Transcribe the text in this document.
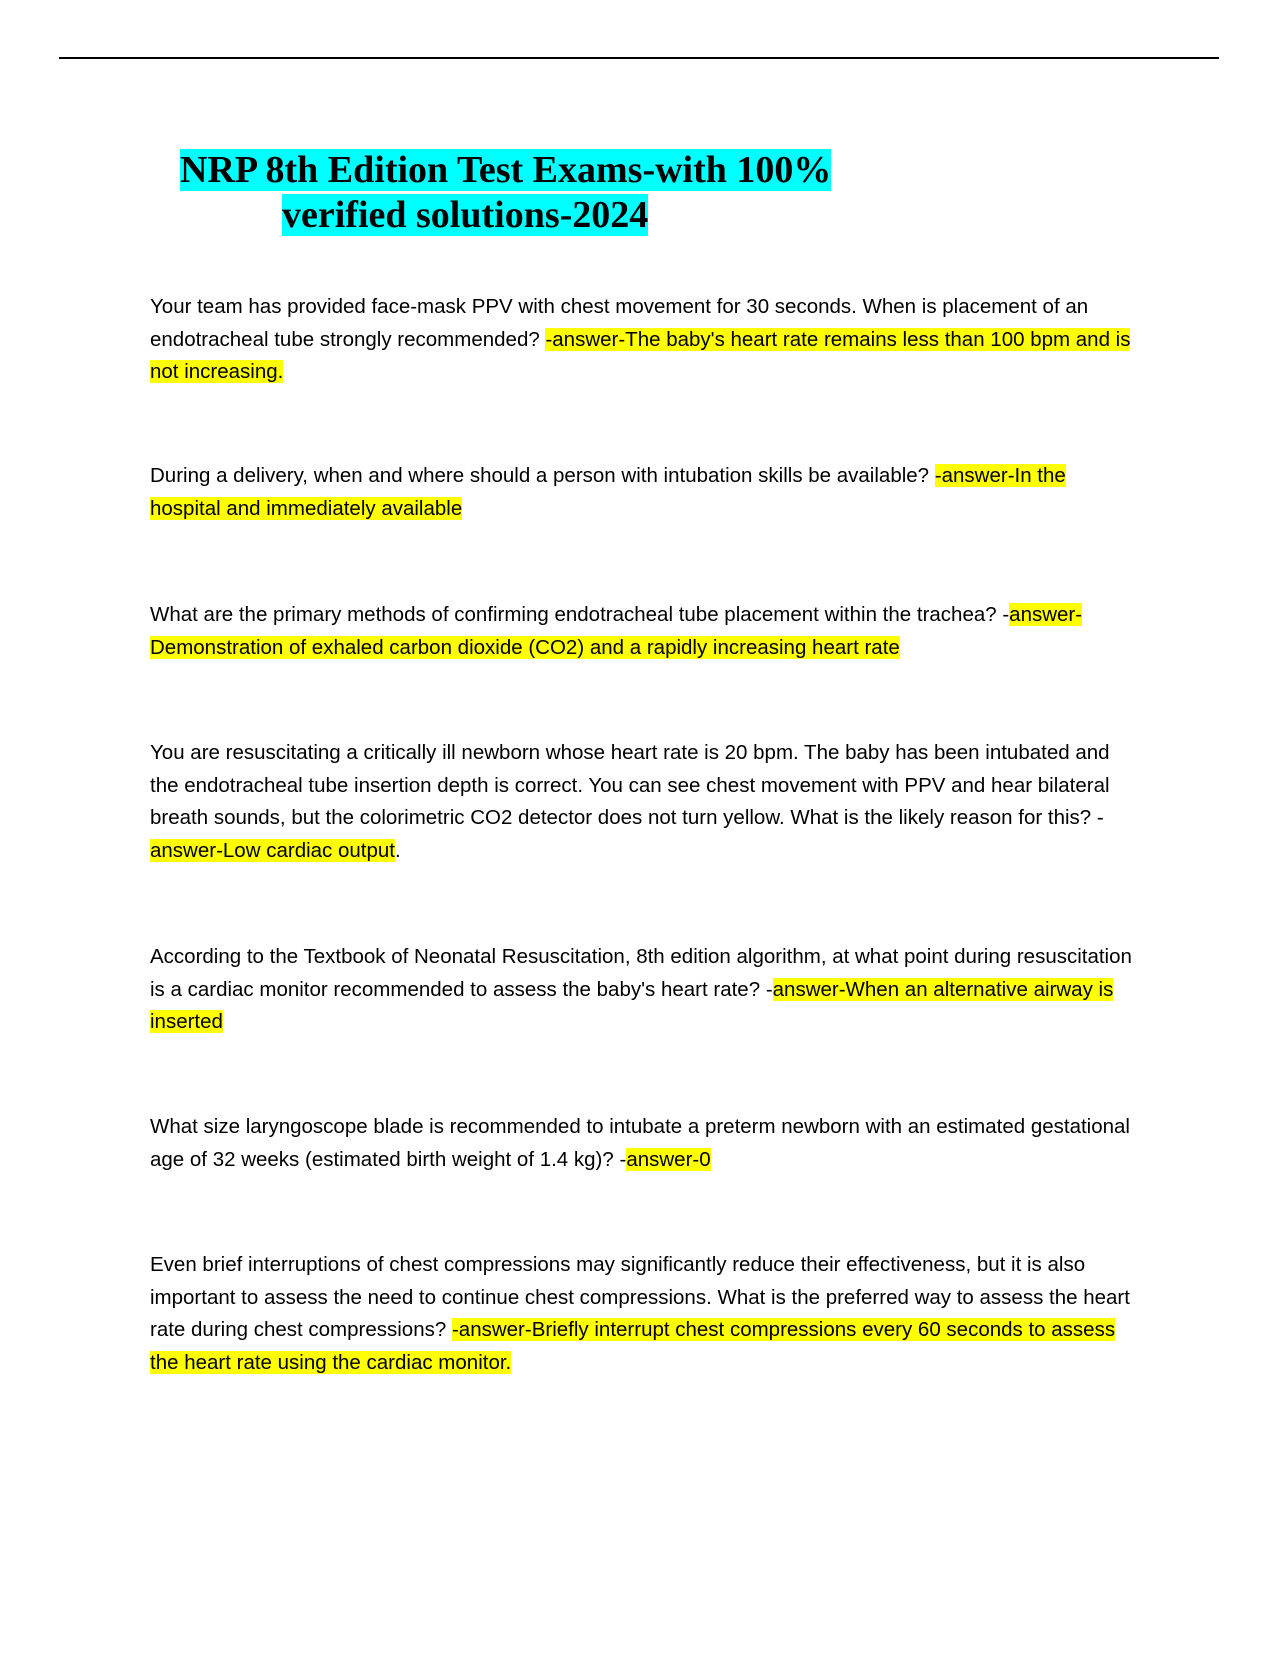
NRP 8th Edition Test Exams-with 100%
verified solutions-2024

Your team has provided face-mask PPV with chest movement for 30 seconds. When is placement of an endotracheal tube strongly recommended? -answer-The baby's heart rate remains less than 100 bpm and is not increasing.

During a delivery, when and where should a person with intubation skills be available? -answer-In the hospital and immediately available

What are the primary methods of confirming endotracheal tube placement within the trachea? -answer-Demonstration of exhaled carbon dioxide (CO2) and a rapidly increasing heart rate

You are resuscitating a critically ill newborn whose heart rate is 20 bpm. The baby has been intubated and the endotracheal tube insertion depth is correct. You can see chest movement with PPV and hear bilateral breath sounds, but the colorimetric CO2 detector does not turn yellow. What is the likely reason for this? -answer-Low cardiac output.

According to the Textbook of Neonatal Resuscitation, 8th edition algorithm, at what point during resuscitation is a cardiac monitor recommended to assess the baby's heart rate? -answer-When an alternative airway is inserted

What size laryngoscope blade is recommended to intubate a preterm newborn with an estimated gestational age of 32 weeks (estimated birth weight of 1.4 kg)? -answer-0

Even brief interruptions of chest compressions may significantly reduce their effectiveness, but it is also important to assess the need to continue chest compressions. What is the preferred way to assess the heart rate during chest compressions? -answer-Briefly interrupt chest compressions every 60 seconds to assess the heart rate using the cardiac monitor.
